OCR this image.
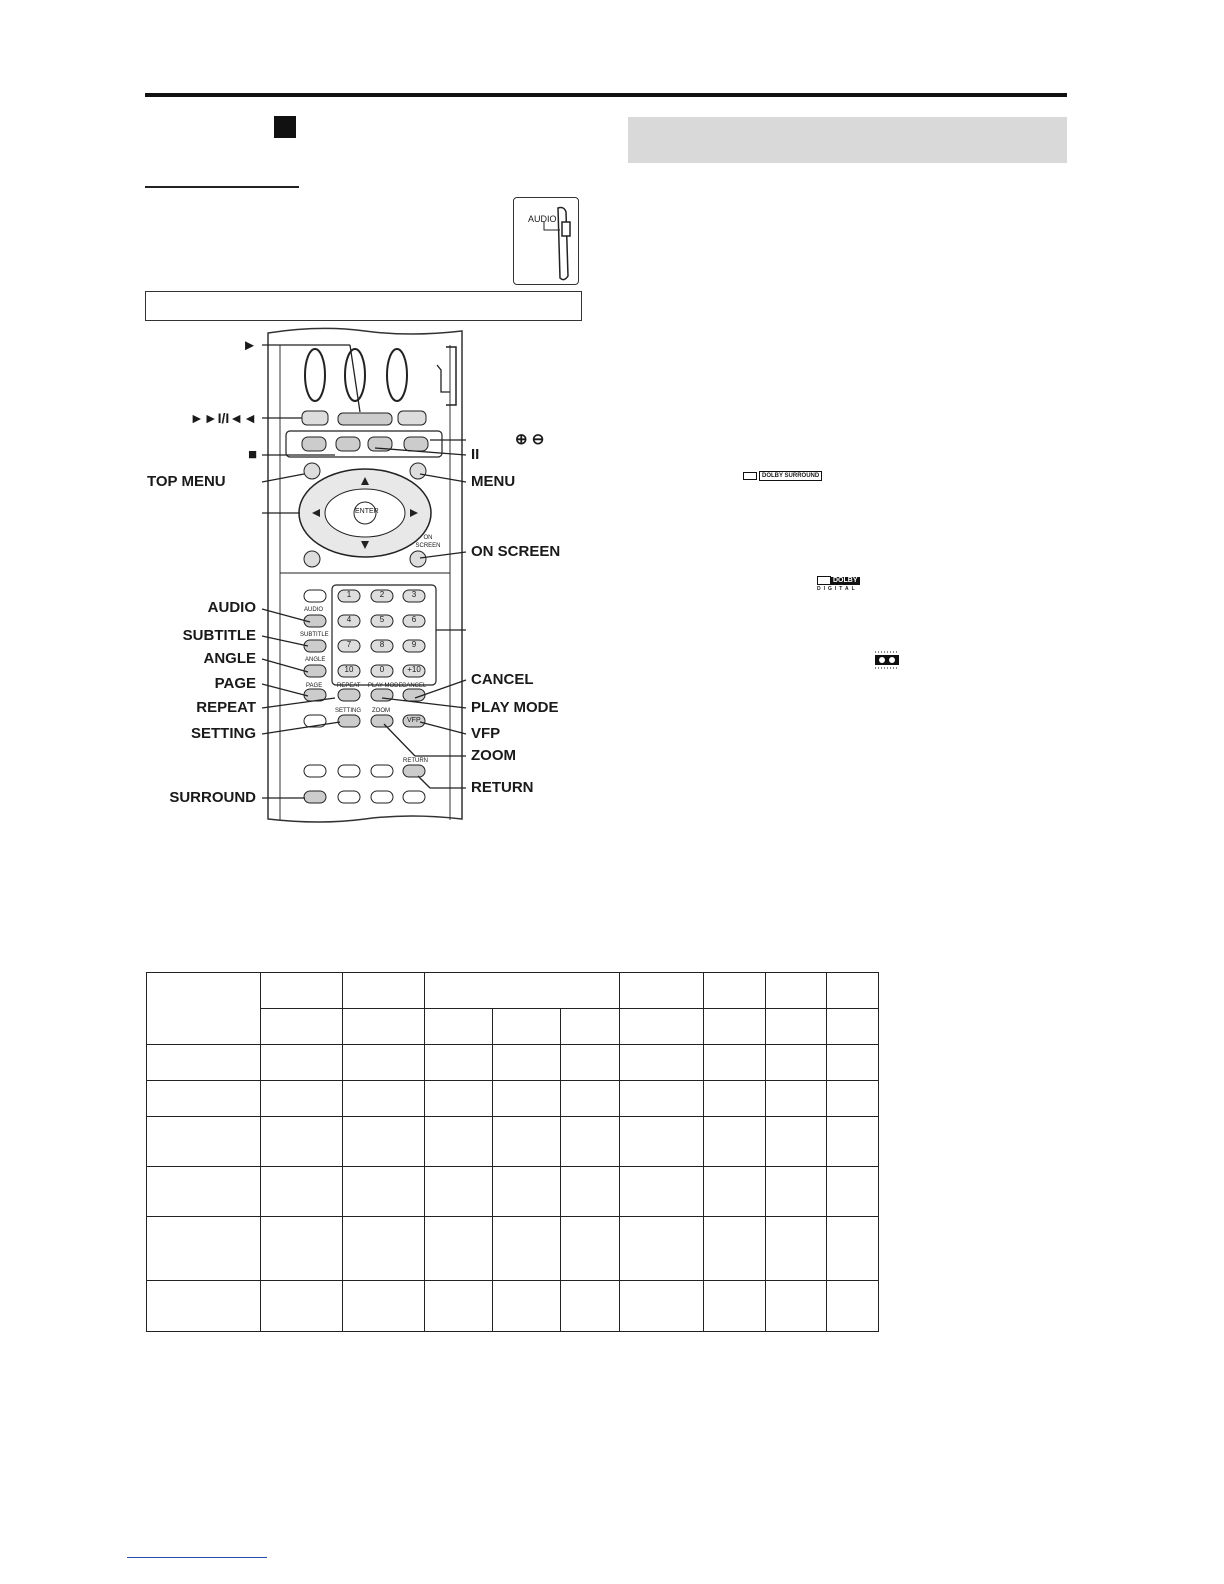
AUDIO
ENTER
ON SCREEN
AUDIO
SUBTITLE
ANGLE
PAGE REPEAT PLAY MODE CANCEL
SETTING ZOOM
VFP
RETURN
1	2	3
4	5	6
7	8	9
10	0	+10
►
►►I/I◄◄
■
TOP MENU
AUDIO
SUBTITLE
ANGLE
PAGE
REPEAT
SETTING
SURROUND
⊕ ⊖
II
MENU
ON SCREEN
CANCEL
PLAY MODE
VFP
ZOOM
RETURN
DOLBY SURROUND
DOLBY
DIGITAL
